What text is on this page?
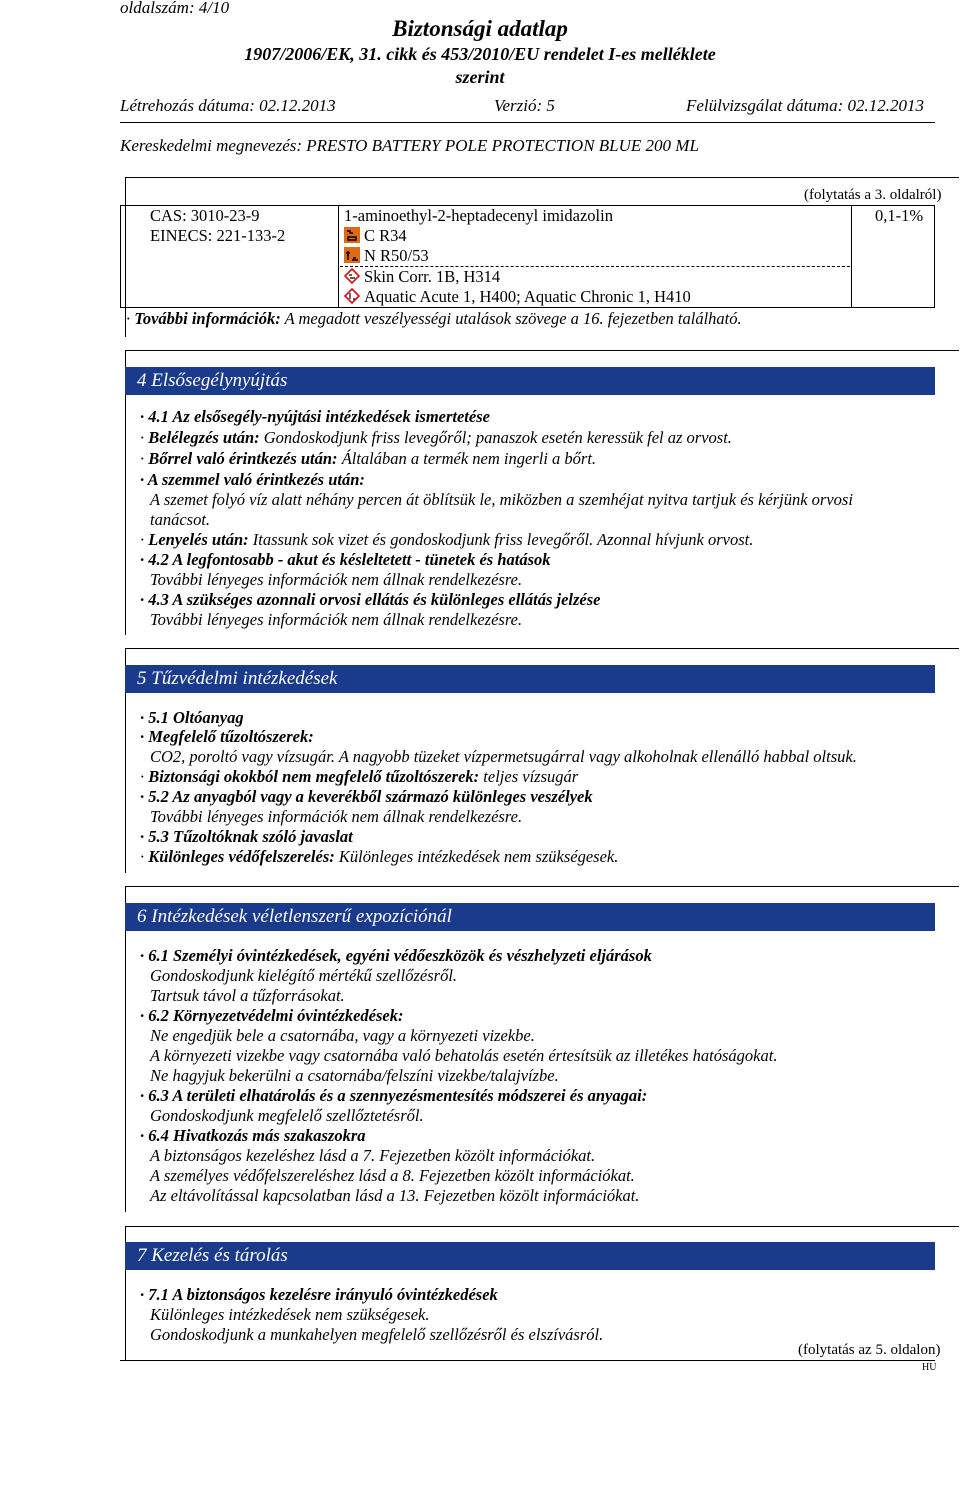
oldalszám: 4/10
Biztonsági adatlap
1907/2006/EK, 31. cikk és 453/2010/EU rendelet I-es melléklete
szerint
Létrehozás dátuma: 02.12.2013	Verzió: 5	Felülvizsgálat dátuma: 02.12.2013
Kereskedelmi megnevezés: PRESTO BATTERY POLE PROTECTION BLUE 200 ML
(folytatás a 3. oldalról)
CAS: 3010-23-9
EINECS: 221-133-2
1-aminoethyl-2-heptadecenyl imidazolin	0,1-1%
C R34
N R50/53
Skin Corr. 1B, H314
Aquatic Acute 1, H400; Aquatic Chronic 1, H410
· További információk: A megadott veszélyességi utalások szövege a 16. fejezetben található.
4 Elsősegélynyújtás
· 4.1 Az elsősegély-nyújtási intézkedések ismertetése
· Belélegzés után: Gondoskodjunk friss levegőről; panaszok esetén keressük fel az orvost.
· Bőrrel való érintkezés után: Általában a termék nem ingerli a bőrt.
· A szemmel való érintkezés után:
A szemet folyó víz alatt néhány percen át öblítsük le, miközben a szemhéjat nyitva tartjuk és kérjünk orvosi
tanácsot.
· Lenyelés után: Itassunk sok vizet és gondoskodjunk friss levegőről. Azonnal hívjunk orvost.
· 4.2 A legfontosabb - akut és késleltetett - tünetek és hatások
További lényeges információk nem állnak rendelkezésre.
· 4.3 A szükséges azonnali orvosi ellátás és különleges ellátás jelzése
További lényeges információk nem állnak rendelkezésre.
5 Tűzvédelmi intézkedések
· 5.1 Oltóanyag
· Megfelelő tűzoltószerek:
CO2, poroltó vagy vízsugár. A nagyobb tüzeket vízpermetsugárral vagy alkoholnak ellenálló habbal oltsuk.
· Biztonsági okokból nem megfelelő tűzoltószerek: teljes vízsugár
· 5.2 Az anyagból vagy a keverékből származó különleges veszélyek
További lényeges információk nem állnak rendelkezésre.
· 5.3 Tűzoltóknak szóló javaslat
· Különleges védőfelszerelés: Különleges intézkedések nem szükségesek.
6 Intézkedések véletlenszerű expozíciónál
· 6.1 Személyi óvintézkedések, egyéni védőeszközök és vészhelyzeti eljárások
Gondoskodjunk kielégítő mértékű szellőzésről.
Tartsuk távol a tűzforrásokat.
· 6.2 Környezetvédelmi óvintézkedések:
Ne engedjük bele a csatornába, vagy a környezeti vizekbe.
A környezeti vizekbe vagy csatornába való behatolás esetén értesítsük az illetékes hatóságokat.
Ne hagyjuk bekerülni a csatornába/felszíni vizekbe/talajvízbe.
· 6.3 A területi elhatárolás és a szennyezésmentesítés módszerei és anyagai:
Gondoskodjunk megfelelő szellőztetésről.
· 6.4 Hivatkozás más szakaszokra
A biztonságos kezeléshez lásd a 7. Fejezetben közölt információkat.
A személyes védőfelszereléshez lásd a 8. Fejezetben közölt információkat.
Az eltávolítással kapcsolatban lásd a 13. Fejezetben közölt információkat.
7 Kezelés és tárolás
· 7.1 A biztonságos kezelésre irányuló óvintézkedések
Különleges intézkedések nem szükségesek.
Gondoskodjunk a munkahelyen megfelelő szellőzésről és elszívásról.
(folytatás az 5. oldalon)
HU
